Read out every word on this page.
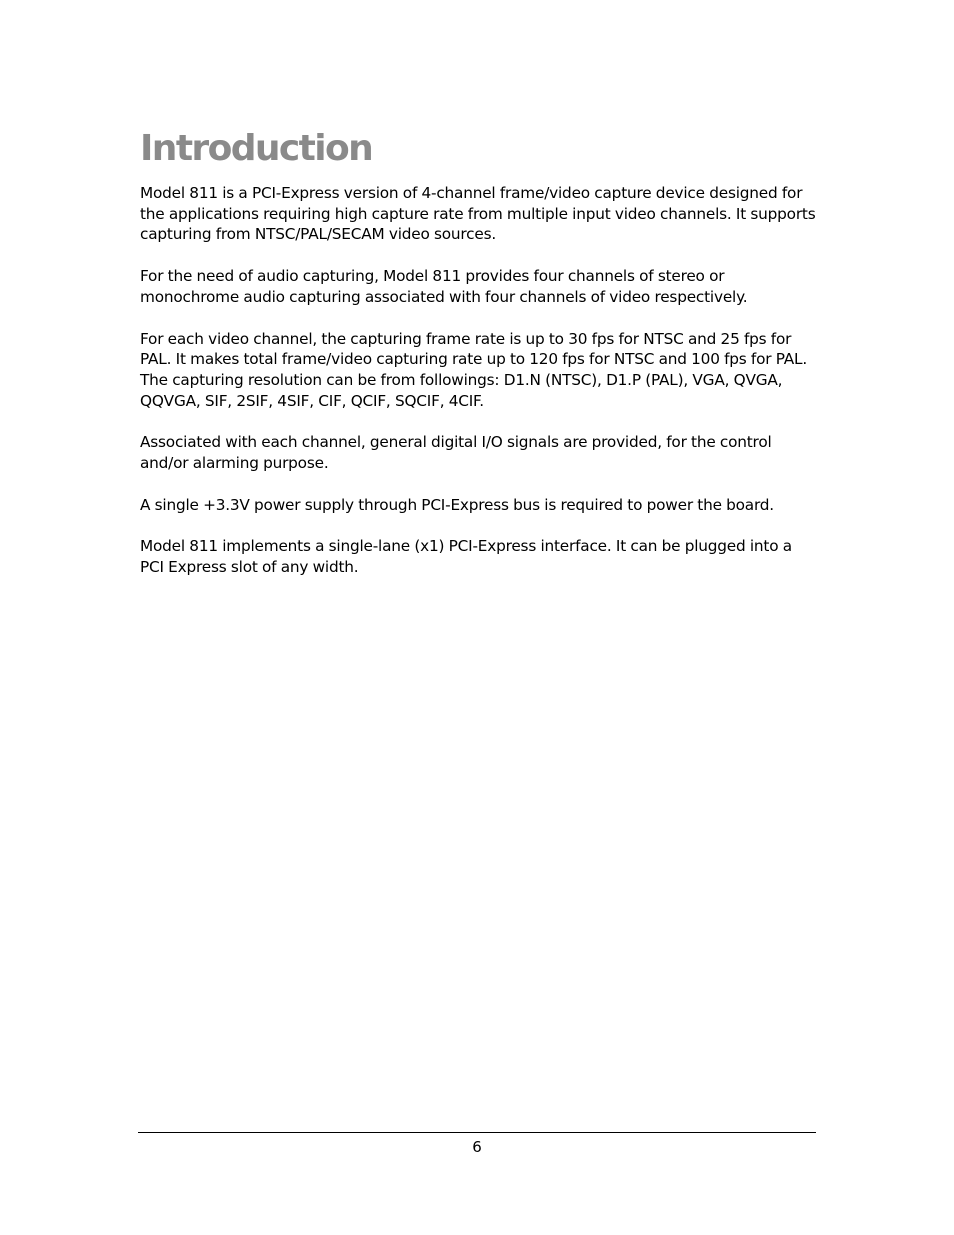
Introduction

Model 811 is a PCI-Express version of 4-channel frame/video capture device designed for the applications requiring high capture rate from multiple input video channels. It supports capturing from NTSC/PAL/SECAM video sources.

For the need of audio capturing, Model 811 provides four channels of stereo or monochrome audio capturing associated with four channels of video respectively.

For each video channel, the capturing frame rate is up to 30 fps for NTSC and 25 fps for PAL. It makes total frame/video capturing rate up to 120 fps for NTSC and 100 fps for PAL. The capturing resolution can be from followings: D1.N (NTSC), D1.P (PAL), VGA, QVGA, QQVGA, SIF, 2SIF, 4SIF, CIF, QCIF, SQCIF, 4CIF.

Associated with each channel, general digital I/O signals are provided, for the control and/or alarming purpose.

A single +3.3V power supply through PCI-Express bus is required to power the board.

Model 811 implements a single-lane (x1) PCI-Express interface. It can be plugged into a PCI Express slot of any width.

6
